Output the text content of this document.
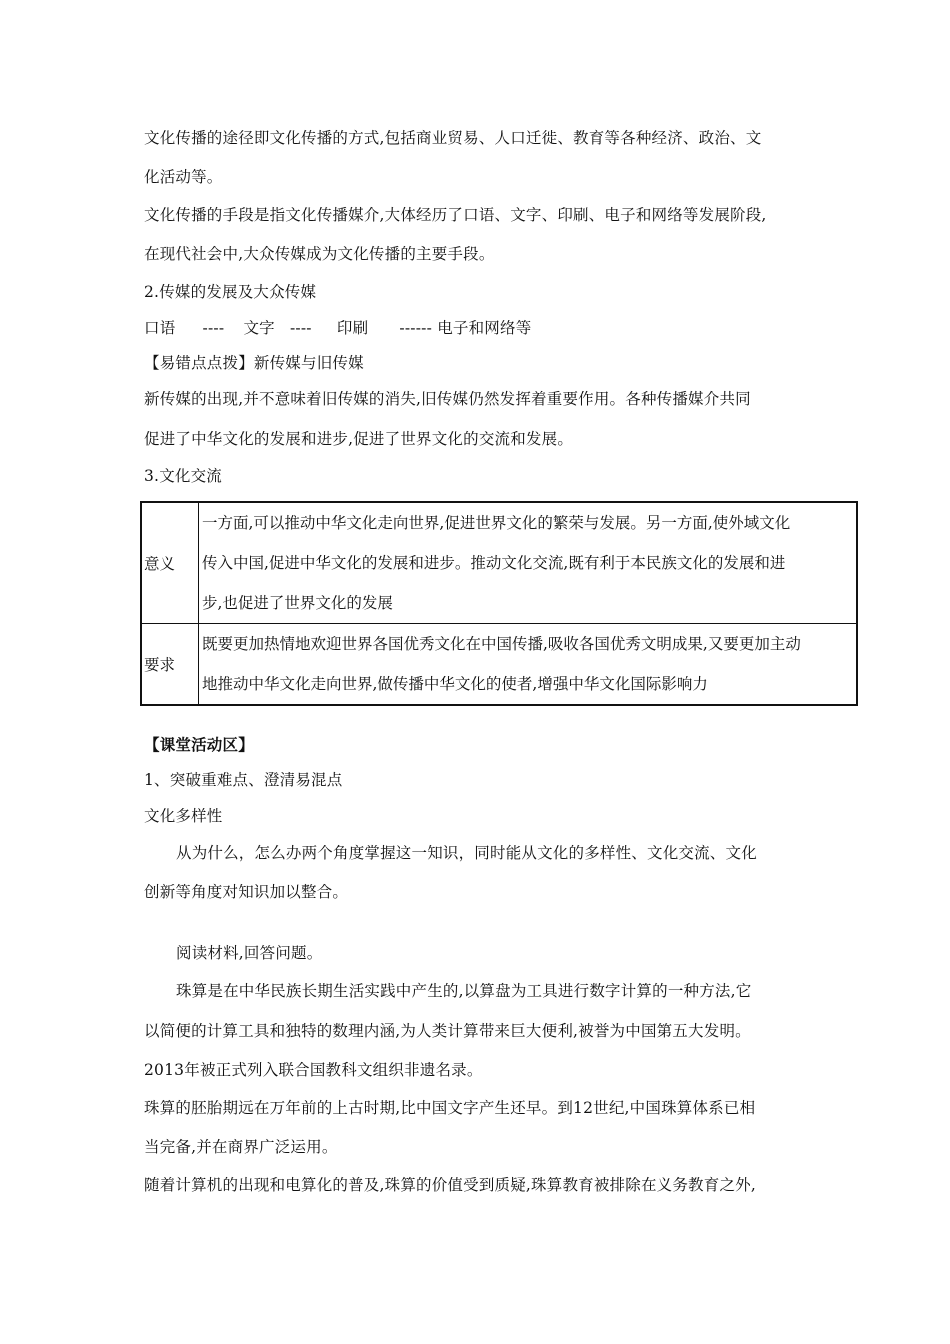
文化传播的途径即文化传播的方式,包括商业贸易、人口迁徙、教育等各种经济、政治、文
化活动等。
文化传播的手段是指文化传播媒介,大体经历了口语、文字、印刷、电子和网络等发展阶段,
在现代社会中,大众传媒成为文化传播的主要手段。
2.传媒的发展及大众传媒
口语 ---- 文字 ---- 印刷 ------ 电子和网络等
【易错点点拨】新传媒与旧传媒
新传媒的出现,并不意味着旧传媒的消失,旧传媒仍然发挥着重要作用。各种传播媒介共同
促进了中华文化的发展和进步,促进了世界文化的交流和发展。
3.文化交流
意义	一方面,可以推动中华文化走向世界,促进世界文化的繁荣与发展。另一方面,使外域文化
传入中国,促进中华文化的发展和进步。推动文化交流,既有利于本民族文化的发展和进
步,也促进了世界文化的发展

要求	既要更加热情地欢迎世界各国优秀文化在中国传播,吸收各国优秀文明成果,又要更加主动
地推动中华文化走向世界,做传播中华文化的使者,增强中华文化国际影响力
【课堂活动区】
1、突破重难点、澄清易混点
文化多样性
从为什么，怎么办两个角度掌握这一知识，同时能从文化的多样性、文化交流、文化
创新等角度对知识加以整合。
阅读材料,回答问题。
珠算是在中华民族长期生活实践中产生的,以算盘为工具进行数字计算的一种方法,它
以简便的计算工具和独特的数理内涵,为人类计算带来巨大便利,被誉为中国第五大发明。
2013年被正式列入联合国教科文组织非遗名录。
珠算的胚胎期远在万年前的上古时期,比中国文字产生还早。到12世纪,中国珠算体系已相
当完备,并在商界广泛运用。
随着计算机的出现和电算化的普及,珠算的价值受到质疑,珠算教育被排除在义务教育之外,
